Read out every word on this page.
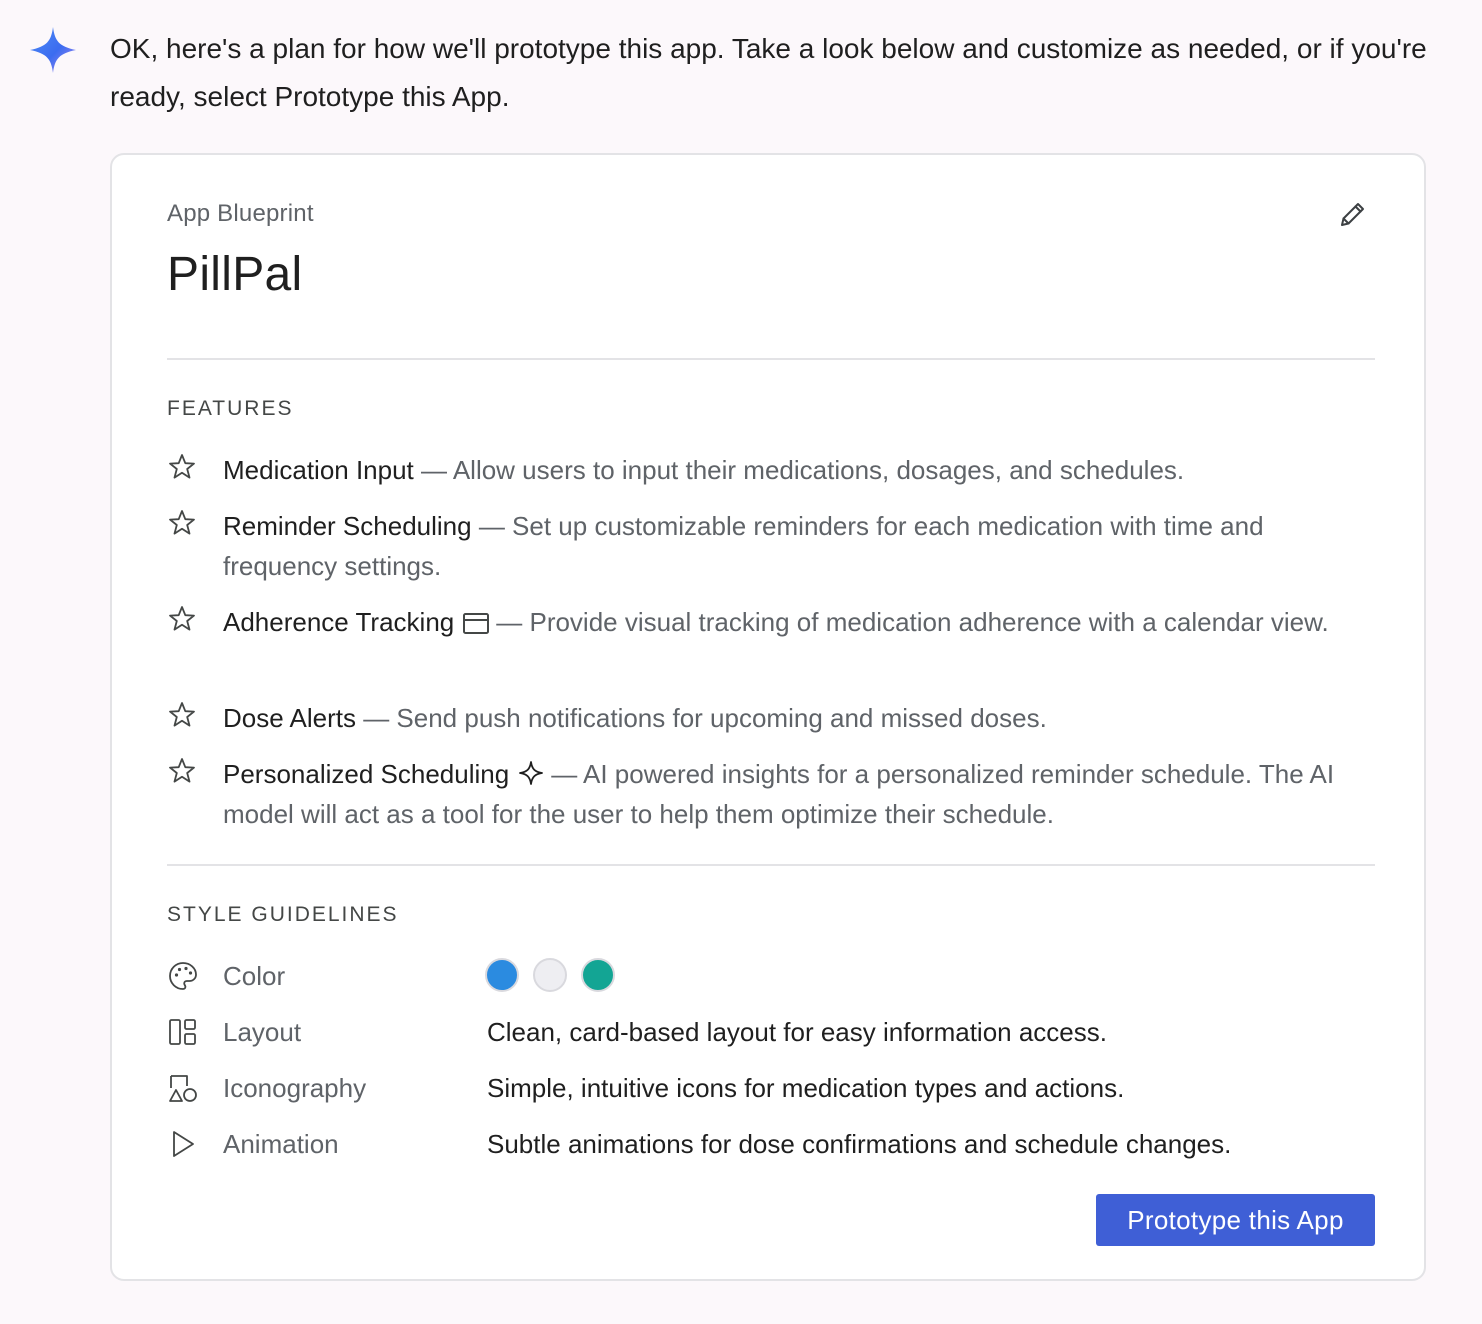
OK, here's a plan for how we'll prototype this app. Take a look below and customize as needed, or if you're ready, select Prototype this App.

App Blueprint
PillPal
FEATURES
Medication Input — Allow users to input their medications, dosages, and schedules.
Reminder Scheduling — Set up customizable reminders for each medication with time and frequency settings.
Adherence Tracking — Provide visual tracking of medication adherence with a calendar view.
Dose Alerts — Send push notifications for upcoming and missed doses.
Personalized Scheduling — AI powered insights for a personalized reminder schedule. The AI model will act as a tool for the user to help them optimize their schedule.
STYLE GUIDELINES
Color
Layout	Clean, card-based layout for easy information access.
Iconography	Simple, intuitive icons for medication types and actions.
Animation	Subtle animations for dose confirmations and schedule changes.
Prototype this App
